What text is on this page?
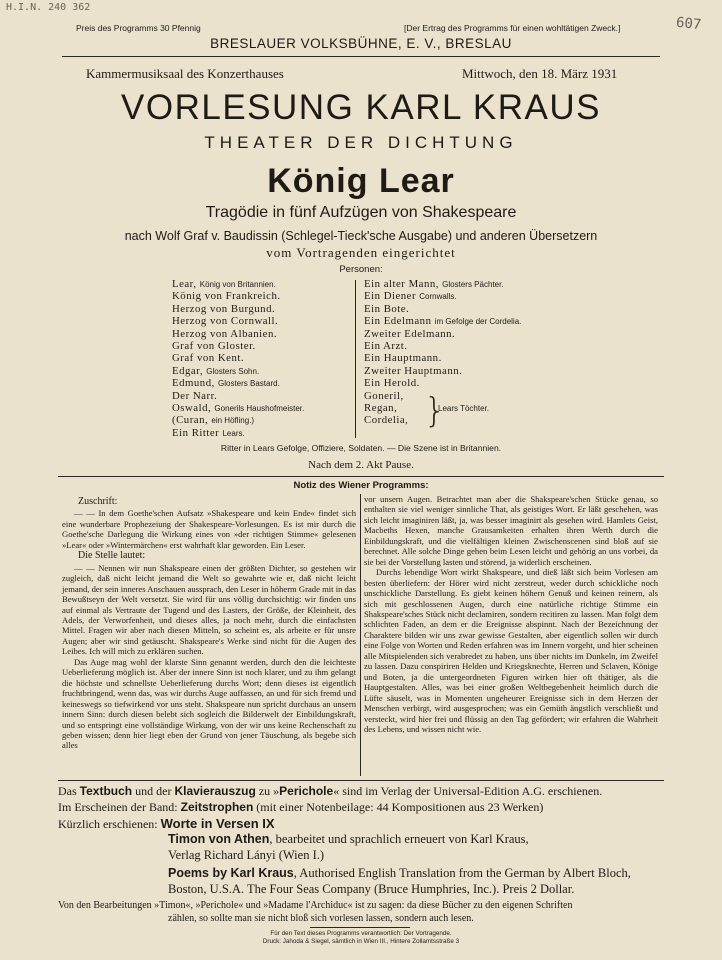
H.I.N. 240 362
607
Preis des Programms 30 Pfennig	[Der Ertrag des Programms für einen wohltätigen Zweck.]
BRESLAUER VOLKSBÜHNE, E. V., BRESLAU
Kammermusiksaal des Konzerthauses	Mittwoch, den 18. März 1931
VORLESUNG KARL KRAUS
THEATER DER DICHTUNG
König Lear
Tragödie in fünf Aufzügen von Shakespeare
nach Wolf Graf v. Baudissin (Schlegel-Tieck'sche Ausgabe) und anderen Übersetzern
vom Vortragenden eingerichtet
Personen:
Lear, König von Britannien.
König von Frankreich.
Herzog von Burgund.
Herzog von Cornwall.
Herzog von Albanien.
Graf von Gloster.
Graf von Kent.
Edgar, Glosters Sohn.
Edmund, Glosters Bastard.
Der Narr.
Oswald, Gonerils Haushofmeister.
(Curan, ein Höfling.)
Ein Ritter Lears.
Ein alter Mann, Glosters Pächter.
Ein Diener Cornwalls.
Ein Bote.
Ein Edelmann im Gefolge der Cordelia.
Zweiter Edelmann.
Ein Arzt.
Ein Hauptmann.
Zweiter Hauptmann.
Ein Herold.
Goneril,
Regan,
Cordelia, }
Lears Töchter.
Ritter in Lears Gefolge, Offiziere, Soldaten. — Die Szene ist in Britannien.
Nach dem 2. Akt Pause.
Notiz des Wiener Programms:
Zuschrift:

— — In dem Goethe'schen Aufsatz »Shakespeare und kein Ende« findet sich eine wunderbare Prophezeiung der Shakespeare-Vorlesungen. Es ist mir durch die Goethe'sche Darlegung die Wirkung eines von »der richtigen Stimme« gelesenen »Lear« oder »Wintermärchen« erst wahrhaft klar geworden. Ein Leser.

Die Stelle lautet:

— — Nennen wir nun Shakspeare einen der größten Dichter, so gestehen wir zugleich, daß nicht leicht jemand die Welt so gewahrte wie er, daß nicht leicht jemand, der sein inneres Anschauen aussprach, den Leser in höherm Grade mit in das Bewußtseyn der Welt versetzt. Sie wird für uns völlig durchsichtig: wir finden uns auf einmal als Vertraute der Tugend und des Lasters, der Größe, der Kleinheit, des Adels, der Verworfenheit, und dieses alles, ja noch mehr, durch die einfachsten Mittel. Fragen wir aber nach diesen Mitteln, so scheint es, als arbeite er für unsre Augen; aber wir sind getäuscht. Shakspeare's Werke sind nicht für die Augen des Leibes. Ich will mich zu erklären suchen.

Das Auge mag wohl der klarste Sinn genannt werden, durch den die leichteste Ueberlieferung möglich ist. Aber der innere Sinn ist noch klarer, und zu ihm gelangt die höchste und schnellste Ueberlieferung durchs Wort; denn dieses ist eigentlich fruchtbringend, wenn das, was wir durchs Auge auffassen, an und für sich fremd und keineswegs so tiefwirkend vor uns steht. Shakspeare nun spricht durchaus an unsern innern Sinn: durch diesen belebt sich sogleich die Bilderwelt der Einbildungskraft, und so entspringt eine vollständige Wirkung, von der wir uns keine Rechenschaft zu geben wissen; denn hier liegt eben der Grund von jener Täuschung, als begebe sich alles

vor unsern Augen. Betrachtet man aber die Shakspeare'schen Stücke genau, so enthalten sie viel weniger sinnliche That, als geistiges Wort. Er läßt geschehen, was sich leicht imaginiren läßt, ja, was besser imaginirt als gesehen wird. Hamlets Geist, Macbeths Hexen, manche Grausamkeiten erhalten ihren Werth durch die Einbildungskraft, und die vielfältigen kleinen Zwischenscenen sind bloß auf sie berechnet. Alle solche Dinge gehen beim Lesen leicht und gehörig an uns vorbei, da sie bei der Vorstellung lasten und störend, ja widerlich erscheinen.

Durchs lebendige Wort wirkt Shakspeare, und dieß läßt sich beim Vorlesen am besten überliefern: der Hörer wird nicht zerstreut, weder durch schickliche noch unschickliche Darstellung. Es giebt keinen höhern Genuß und keinen reinern, als sich mit geschlossenen Augen, durch eine natürliche richtige Stimme ein Shakspeare'sches Stück nicht declamiren, sondern recitiren zu lassen. Man folgt dem schlichten Faden, an dem er die Ereignisse abspinnt. Nach der Bezeichnung der Charaktere bilden wir uns zwar gewisse Gestalten, aber eigentlich sollen wir durch eine Folge von Worten und Reden erfahren was im Innern vorgeht, und hier scheinen alle Mitspielenden sich verabredet zu haben, uns über nichts im Dunkeln, im Zweifel zu lassen. Dazu conspiriren Helden und Kriegsknechte, Herren und Sclaven, Könige und Boten, ja die untergeordneten Figuren wirken hier oft thätiger, als die Hauptgestalten. Alles, was bei einer großen Weltbegebenheit heimlich durch die Lüfte säuselt, was in Momenten ungeheurer Ereignisse sich in dem Herzen der Menschen verbirgt, wird ausgesprochen; was ein Gemüth ängstlich verschließt und versteckt, wird hier frei und flüssig an den Tag gefördert; wir erfahren die Wahrheit des Lebens, und wissen nicht wie.

Das Textbuch und der Klavierauszug zu »Perichole« sind im Verlag der Universal-Edition A.G. erschienen.
Im Erscheinen der Band: Zeitstrophen (mit einer Notenbeilage: 44 Kompositionen aus 23 Werken)
Kürzlich erschienen: Worte in Versen IX
Timon von Athen, bearbeitet und sprachlich erneuert von Karl Kraus,
Verlag Richard Lányi (Wien I.)
Poems by Karl Kraus, Authorised English Translation from the German by Albert Bloch,
Boston, U.S.A. The Four Seas Company (Bruce Humphries, Inc.). Preis 2 Dollar.
Von den Bearbeitungen »Timon«, »Perichole« und »Madame l'Archiduc« ist zu sagen: da diese Bücher zu den eigenen Schriften
zählen, so sollte man sie nicht bloß sich vorlesen lassen, sondern auch lesen.
Für den Text dieses Programms verantwortlich: Der Vortragende.
Druck: Jahoda & Siegel, sämtlich in Wien III., Hintere Zollamtsstraße 3
